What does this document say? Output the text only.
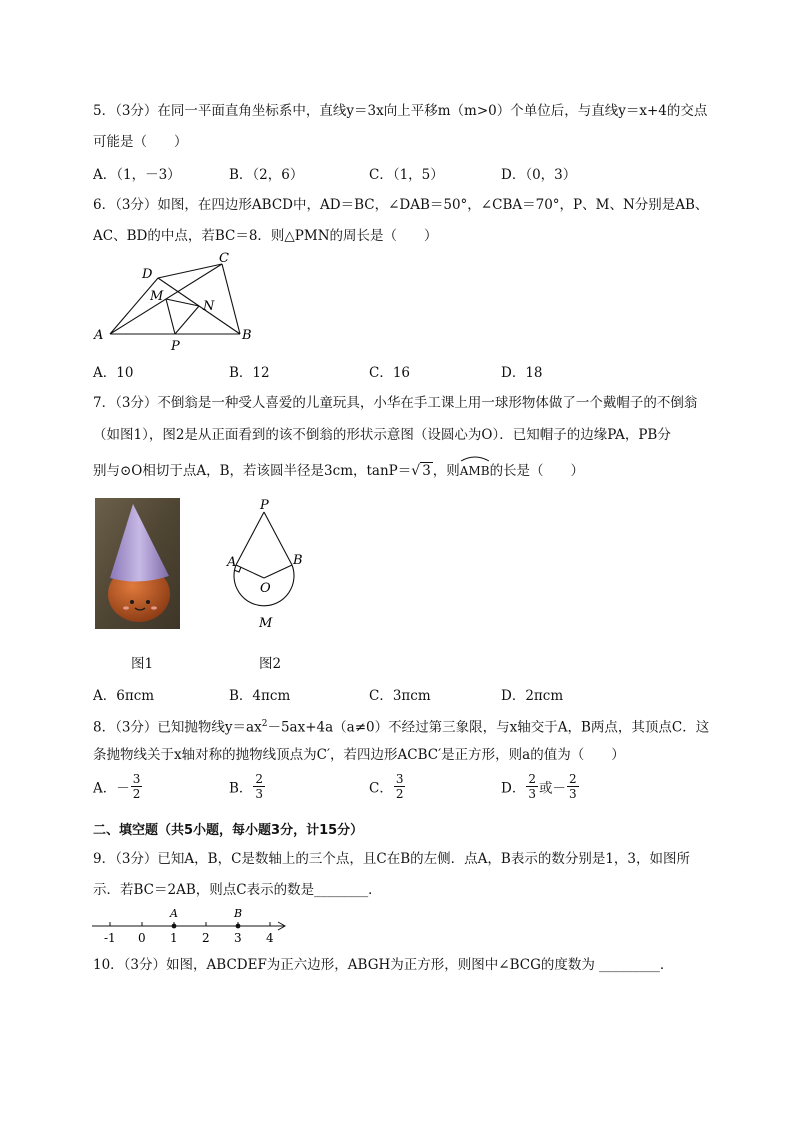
5．（3分）在同一平面直角坐标系中，直线y＝3x向上平移m（m>0）个单位后，与直线y＝x+4的交点
可能是（　　）
A．（1，－3）	B．（2，6）	C．（1，5）	D．（0，3）
6．（3分）如图，在四边形ABCD中，AD＝BC，∠DAB＝50°，∠CBA＝70°，P、M、N分别是AB、
AC、BD的中点，若BC＝8．则△PMN的周长是（　　）
A	B
C
D
M
N
P
A．10	B．12	C．16	D．18
7．（3分）不倒翁是一种受人喜爱的儿童玩具，小华在手工课上用一球形物体做了一个戴帽子的不倒翁
（如图1），图2是从正面看到的该不倒翁的形状示意图（设圆心为O）．已知帽子的边缘PA，PB分
别与⊙O相切于点A，B，若该圆半径是3cm，tanP＝√ 3 ，则
AMB的长是（　　）
P
A	B
O
M
图1	图2
A．6πcm	B．4πcm	C．3πcm	D．2πcm
8．（3分）已知抛物线$y=ax^2-5ax+4a(a\ne 0)$不经过第三象限，与x轴交于A，B两点，其顶点C．这
条抛物线关于x轴对称的抛物线顶点为C′，若四边形ACBC′是正方形，则a的值为（　　）
A．－ $\frac{3}{2}$	B． $\frac{2}{3}$	C． $\frac{3}{2}$	D． $\frac{2}{3}$ 或－ $\frac{2}{3}$
二、填空题（共5小题，每小题3分，计15分）
9．（3分）已知A，B，C是数轴上的三个点，且C在B的左侧．点A，B表示的数分别是1，3，如图所
示．若BC＝2AB，则点C表示的数是________．
A	B
-1 0 1 2 3 4
10．（3分）如图，ABCDEF为正六边形，ABGH为正方形，则图中∠BCG的度数为 _________．
